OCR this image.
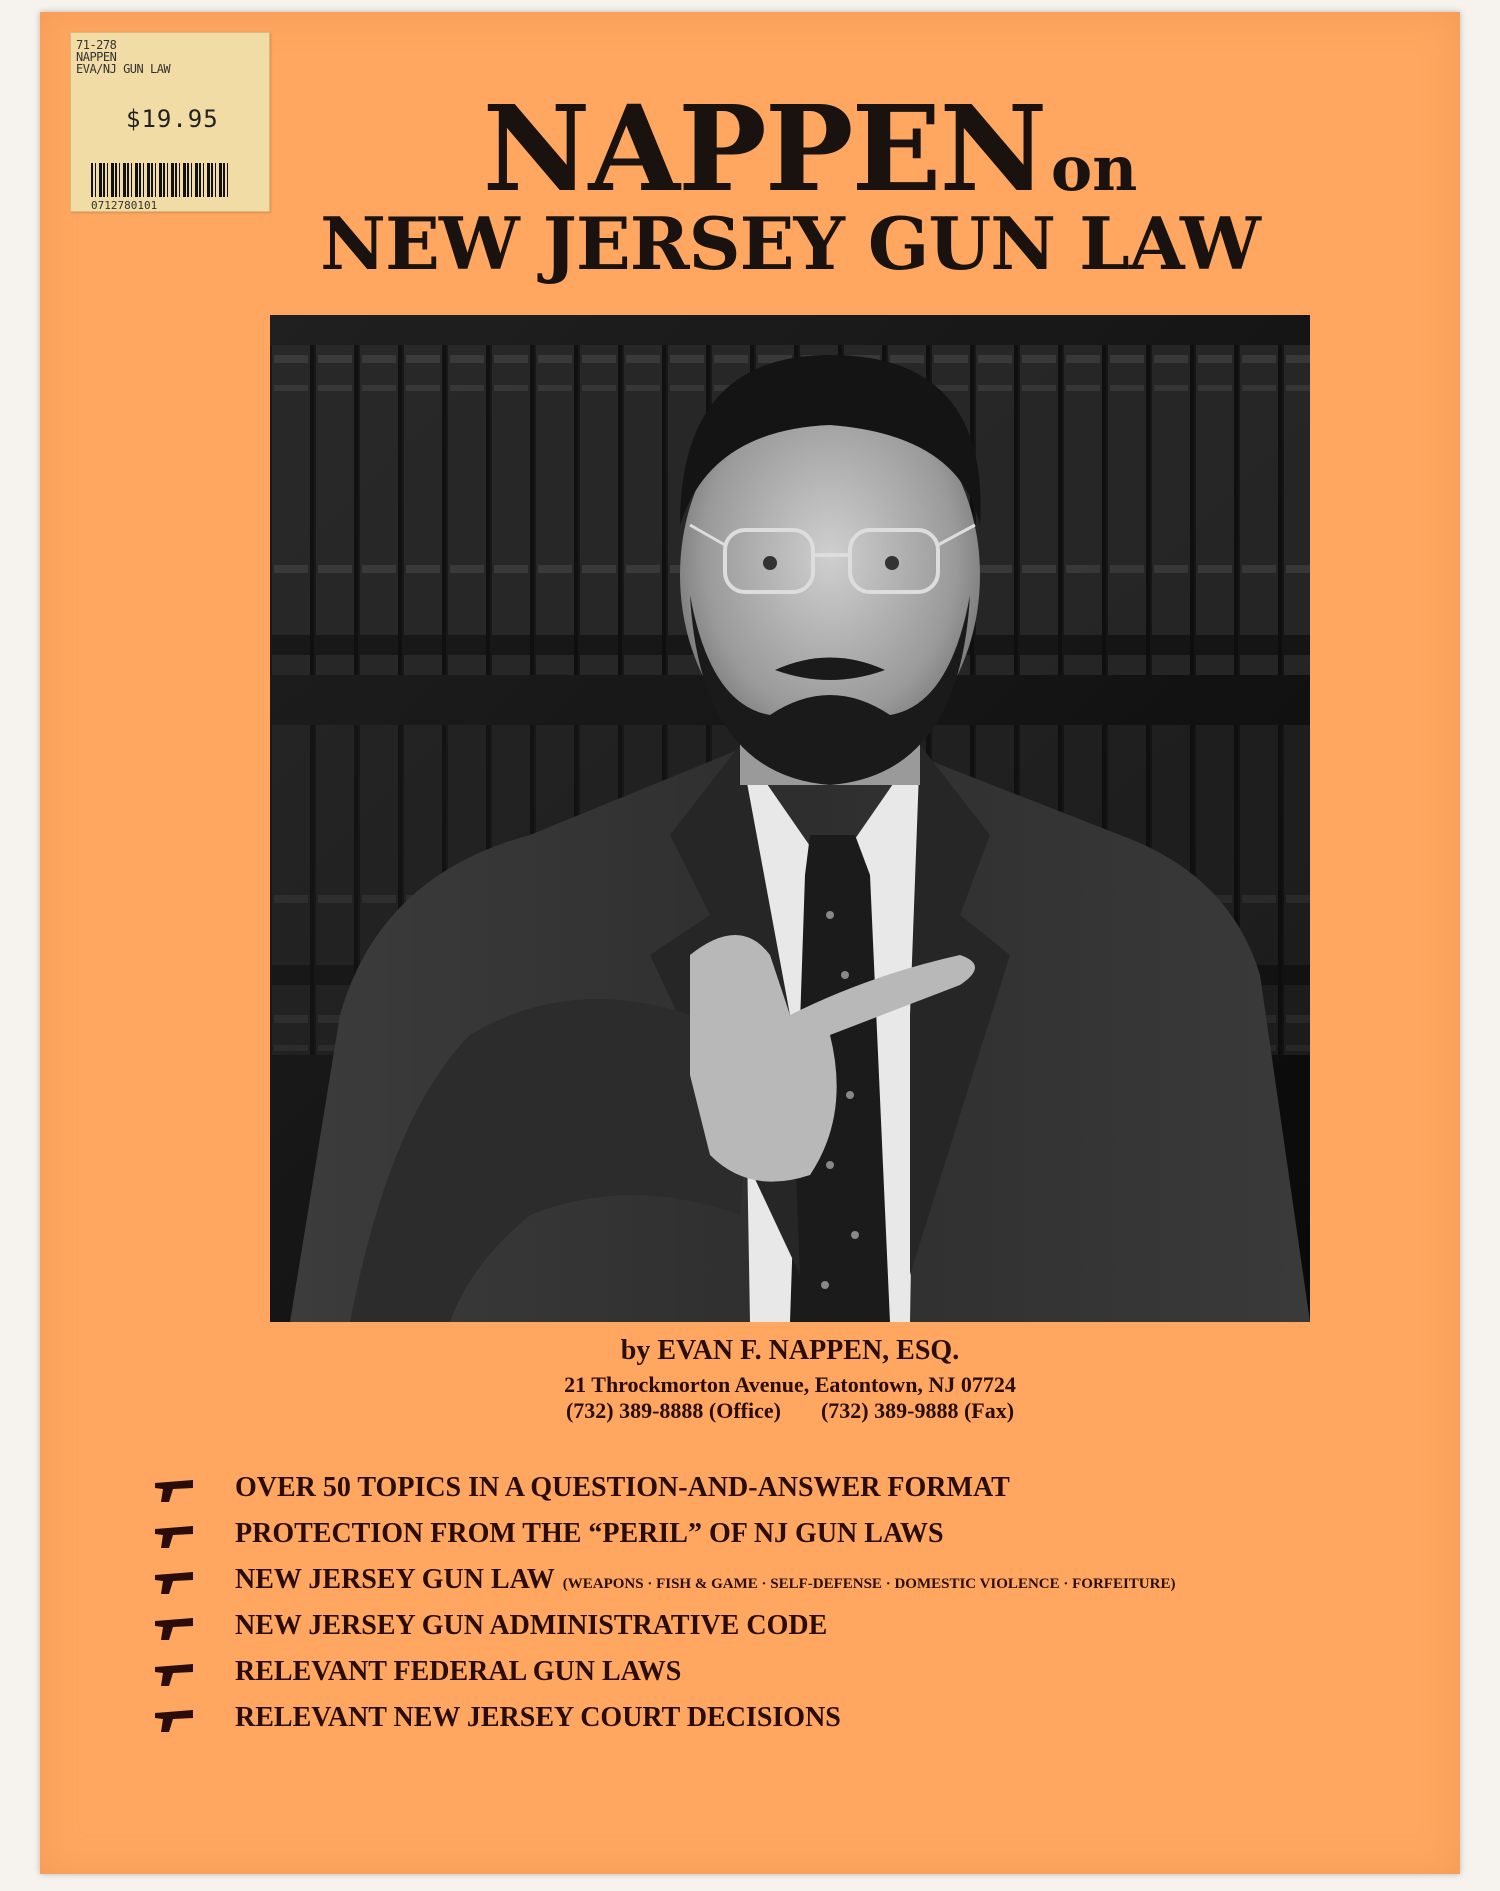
71-278
NAPPEN
EVA/NJ GUN LAW
$19.95
0712780101	NAPPEN on
NEW JERSEY GUN LAW
by EVAN F. NAPPEN, ESQ.
21 Throckmorton Avenue, Eatontown, NJ 07724
(732) 389-8888 (Office) (732) 389-9888 (Fax)
OVER 50 TOPICS IN A QUESTION-AND-ANSWER FORMAT
PROTECTION FROM THE “PERIL” OF NJ GUN LAWS
NEW JERSEY GUN LAW (WEAPONS · FISH & GAME · SELF-DEFENSE · DOMESTIC VIOLENCE · FORFEITURE)
NEW JERSEY GUN ADMINISTRATIVE CODE
RELEVANT FEDERAL GUN LAWS
RELEVANT NEW JERSEY COURT DECISIONS
